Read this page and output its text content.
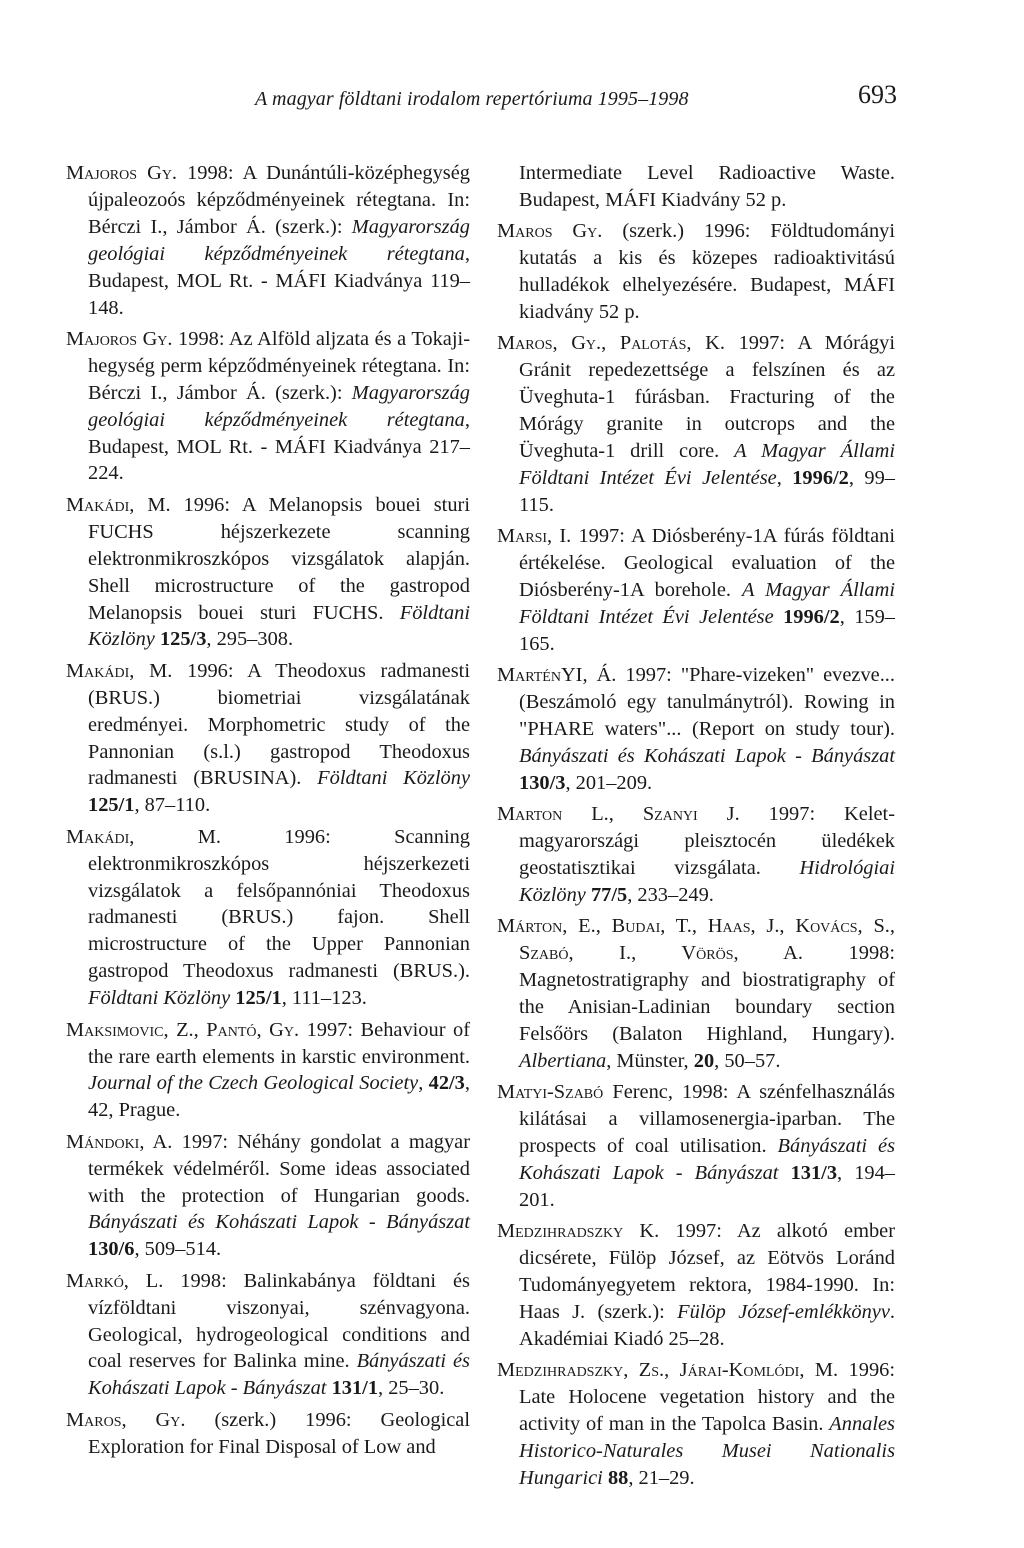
A magyar földtani irodalom repertóriuma 1995–1998	693

Majoros Gy. 1998: A Dunántúli-középhegység újpaleozoós képződményeinek rétegtana. In: Bérczi I., Jámbor Á. (szerk.): Magyarország geológiai képződményeinek rétegtana, Budapest, MOL Rt. - MÁFI Kiadványa 119–148.

Majoros Gy. 1998: Az Alföld aljzata és a Tokaji-hegység perm képződményeinek rétegtana. In: Bérczi I., Jámbor Á. (szerk.): Magyarország geológiai képződményeinek rétegtana, Budapest, MOL Rt. - MÁFI Kiadványa 217–224.

Makádi, M. 1996: A Melanopsis bouei sturi FUCHS héjszerkezete scanning elektronmikroszkópos vizsgálatok alapján. Shell microstructure of the gastropod Melanopsis bouei sturi FUCHS. Földtani Közlöny 125/3, 295–308.

Makádi, M. 1996: A Theodoxus radmanesti (BRUS.) biometriai vizsgálatának eredményei. Morphometric study of the Pannonian (s.l.) gastropod Theodoxus radmanesti (BRUSINA). Földtani Közlöny 125/1, 87–110.

Makádi, M. 1996: Scanning elektronmikroszkópos héjszerkezeti vizsgálatok a felsőpannóniai Theodoxus radmanesti (BRUS.) fajon. Shell microstructure of the Upper Pannonian gastropod Theodoxus radmanesti (BRUS.). Földtani Közlöny 125/1, 111–123.

Maksimovic, Z., Pantó, Gy. 1997: Behaviour of the rare earth elements in karstic environment. Journal of the Czech Geological Society, 42/3, 42, Prague.

Mándoki, A. 1997: Néhány gondolat a magyar termékek védelméről. Some ideas associated with the protection of Hungarian goods. Bányászati és Kohászati Lapok - Bányászat 130/6, 509–514.

Markó, L. 1998: Balinkabánya földtani és vízföldtani viszonyai, szénvagyona. Geological, hydrogeological conditions and coal reserves for Balinka mine. Bányászati és Kohászati Lapok - Bányászat 131/1, 25–30.

Maros, Gy. (szerk.) 1996: Geological Exploration for Final Disposal of Low and

Intermediate Level Radioactive Waste. Budapest, MÁFI Kiadvány 52 p.

Maros Gy. (szerk.) 1996: Földtudományi kutatás a kis és közepes radioaktivitású hulladékok elhelyezésére. Budapest, MÁFI kiadvány 52 p.

Maros, Gy., Palotás, K. 1997: A Mórágyi Gránit repedezettsége a felszínen és az Üveghuta-1 fúrásban. Fracturing of the Mórágy granite in outcrops and the Üveghuta-1 drill core. A Magyar Állami Földtani Intézet Évi Jelentése, 1996/2, 99–115.

Marsi, I. 1997: A Diósberény-1A fúrás földtani értékelése. Geological evaluation of the Diósberény-1A borehole. A Magyar Állami Földtani Intézet Évi Jelentése 1996/2, 159–165.

MarténYI, Á. 1997: "Phare-vizeken" evezve... (Beszámoló egy tanulmánytról). Rowing in "PHARE waters"... (Report on study tour). Bányászati és Kohászati Lapok - Bányászat 130/3, 201–209.

Marton L., Szanyi J. 1997: Kelet-magyarországi pleisztocén üledékek geostatisztikai vizsgálata. Hidrológiai Közlöny 77/5, 233–249.

Márton, E., Budai, T., Haas, J., Kovács, S., Szabó, I., Vörös, A. 1998: Magnetostratigraphy and biostratigraphy of the Anisian-Ladinian boundary section Felsőörs (Balaton Highland, Hungary). Albertiana, Münster, 20, 50–57.

Matyi-Szabó Ferenc, 1998: A szénfelhasználás kilátásai a villamosenergia-iparban. The prospects of coal utilisation. Bányászati és Kohászati Lapok - Bányászat 131/3, 194–201.

Medzihradszky K. 1997: Az alkotó ember dicsérete, Fülöp József, az Eötvös Loránd Tudományegyetem rektora, 1984-1990. In: Haas J. (szerk.): Fülöp József-emlékkönyv. Akadémiai Kiadó 25–28.

Medzihradszky, Zs., Járai-Komlódi, M. 1996: Late Holocene vegetation history and the activity of man in the Tapolca Basin. Annales Historico-Naturales Musei Nationalis Hungarici 88, 21–29.
